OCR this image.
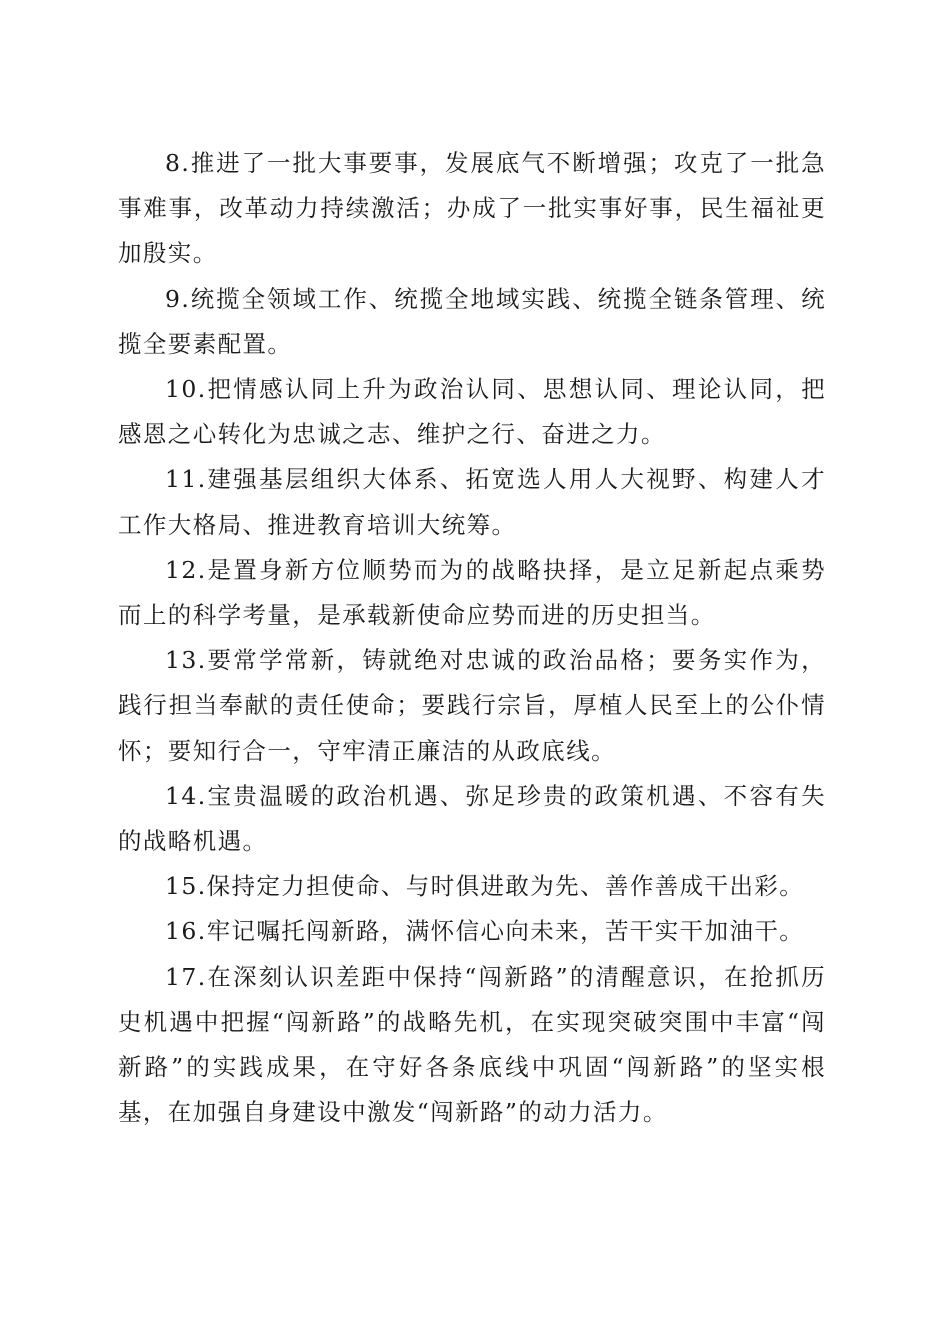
8.推进了一批大事要事，发展底气不断增强；攻克了一批急事难事，改革动力持续激活；办成了一批实事好事，民生福祉更加殷实。

9.统揽全领域工作、统揽全地域实践、统揽全链条管理、统揽全要素配置。

10.把情感认同上升为政治认同、思想认同、理论认同，把感恩之心转化为忠诚之志、维护之行、奋进之力。

11.建强基层组织大体系、拓宽选人用人大视野、构建人才工作大格局、推进教育培训大统筹。

12.是置身新方位顺势而为的战略抉择，是立足新起点乘势而上的科学考量，是承载新使命应势而进的历史担当。

13.要常学常新，铸就绝对忠诚的政治品格；要务实作为，践行担当奉献的责任使命；要践行宗旨，厚植人民至上的公仆情怀；要知行合一，守牢清正廉洁的从政底线。

14.宝贵温暖的政治机遇、弥足珍贵的政策机遇、不容有失的战略机遇。

15.保持定力担使命、与时俱进敢为先、善作善成干出彩。

16.牢记嘱托闯新路，满怀信心向未来，苦干实干加油干。

17.在深刻认识差距中保持“闯新路”的清醒意识，在抢抓历史机遇中把握“闯新路”的战略先机，在实现突破突围中丰富“闯新路”的实践成果，在守好各条底线中巩固“闯新路”的坚实根基，在加强自身建设中激发“闯新路”的动力活力。
